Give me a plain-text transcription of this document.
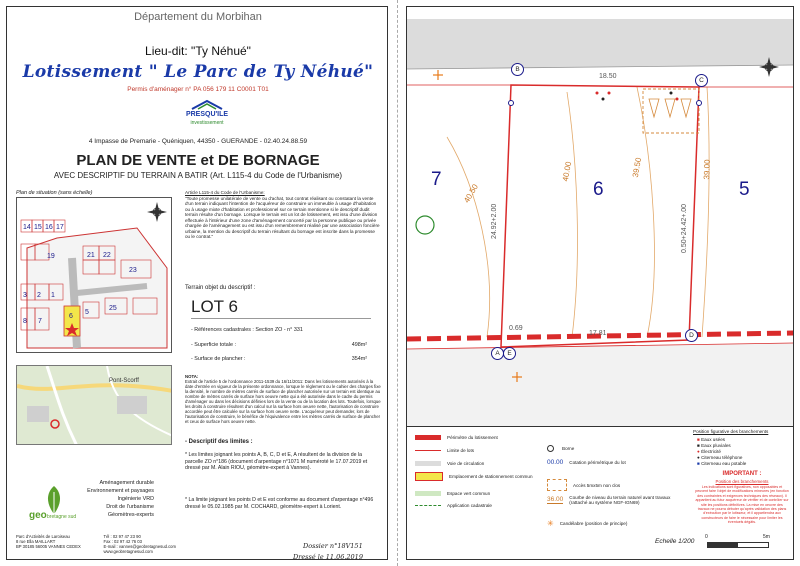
Département du Morbihan
Lieu-dit: "Ty Néhué"
Lotissement " Le Parc de Ty Néhué"
Permis d'aménager n° PA 056 179 11 C0001 T01
PRESQU'ILE
investissement
4 Impasse de Premarie - Quéniquen, 44350 - GUERANDE - 02.40.24.88.59
PLAN DE VENTE et DE BORNAGE
AVEC DESCRIPTIF DU TERRAIN A BATIR (Art. L115-4 du Code de l'Urbanisme)
Plan de situation (sans échelle)
14 15 16 17
19	21 22
23
3 2 1
25
8 7
6
5
Article L115-4 du Code de l'Urbanisme:
"Toute promesse unilatérale de vente ou d'achat, tout contrat réalisant ou constatant la vente d'un terrain indiquant l'intention de l'acquéreur de construire un immeuble à usage d'habitation ou à usage mixte d'habitation et professionnel sur ce terrain mentionne si le descriptif dudit terrain résulte d'un bornage. Lorsque le terrain est un lot de lotissement, est issu d'une division effectuée à l'intérieur d'une zone d'aménagement concerté par la personne publique ou privée chargée de l'aménagement ou est issu d'un remembrement réalisé par une association foncière urbaine, la mention du descriptif du terrain résultant du bornage est inscrite dans la promesse ou le contrat."
Terrain objet du descriptif :
LOT 6
- Références cadastrales : Section ZO - n° 331
- Superficie totale :	498m²
- Surface de plancher :	354m²
Pont-Scorff
NOTA:
Extrait de l'article 5 de l'ordonnance 2011-1539 du 16/11/2011: Dans les lotissements autorisés à la date d'entrée en vigueur de la présente ordonnance, lorsque le règlement ou le cahier des charges fixe la densité, le nombre de mètres carrés de surface de plancher autorisée sur un terrain est identique au nombre de mètres carrés de surface hors oeuvre nette qui a été autorisée dans le cadre du permis d'aménager ou dans les décisions définies lors de la vente ou de la location des lots. Toutefois, lorsque les droits à construire résultent d'un calcul sur la surface hors oeuvre nette, l'autorisation de construire accordée peut être calculée sur la surface hors oeuvre nette. L'acquéreur peut demander, lors de l'autorisation de construire, le bénéfice de l'équivalence entre les mètres carrés de surface de plancher et ceux de surface hors oeuvre nette.
- Descriptif des limites :
* Les limites joignant les points A, B, C, D et E, A résultent de la division de la parcelle ZO n°186 (document d'arpentage n°1071 M numéroté le 17.07.2019 et dressé par M. Alain RIOU, géomètre-expert à Vannes).
* La limite joignant les points D et E est conforme au document d'arpentage n°496 dressé le 05.02.1985 par M. COCHARD, géomètre-expert à Lorient.
Aménagement durable
Environnement et paysages
Ingénierie VRD
Droit de l'urbanisme
Géomètres-experts
geo bretagne sud
Parc d'Activités de Laroiseau
8 rue Ella MAILLART
BP 30185 56005 VANNES CEDEX
Tél : 02 97 47 23 90
Fax : 02 97 42 76 03
E-mail : vannes@geobretagnesud.com
www.geobretagnesud.com
Dossier n°18V151
Dressé le 11.06.2019
7	6	5
18.50
17.81
24.92+2.00	0.50+24.42+.00
0.69
40.50
40.00	39.50	39.00
B
C
D
A	E
Périmètre du lotissement
Limite de lots
Voie de circulation
Emplacement de stationnement commun
Espace vert commun
Application cadastrale
Borne
00.00 Cotation périmétrique du lot
Accès 5mx5m non clos
36.00 Courbe de niveau du terrain naturel avant travaux (rattaché au système NGF-IGN69)
✳ Candélabre (position de principe)
Position figurative des branchements
■ Eaux usées
■ Eaux pluviales
● Électricité
● Citerneau téléphone
■ Citerneau eau potable
IMPORTANT :
Position des branchements
Les indications sont figuratives, non opposables et peuvent faire l'objet de modifications mineures (en fonction des contraintes et exigences techniques des réseaux). Il appartient au futur acquéreur de vérifier et de contrôler sur site les positions définitives. La mise en oeuvre des travaux ne pourra débuter qu'après validation des plans d'exécution par le lotisseur, et il appartiendra aux constructeurs de faire le nécessaire pour limiter les éventuels dégâts.
Echelle 1/200
0	5m
